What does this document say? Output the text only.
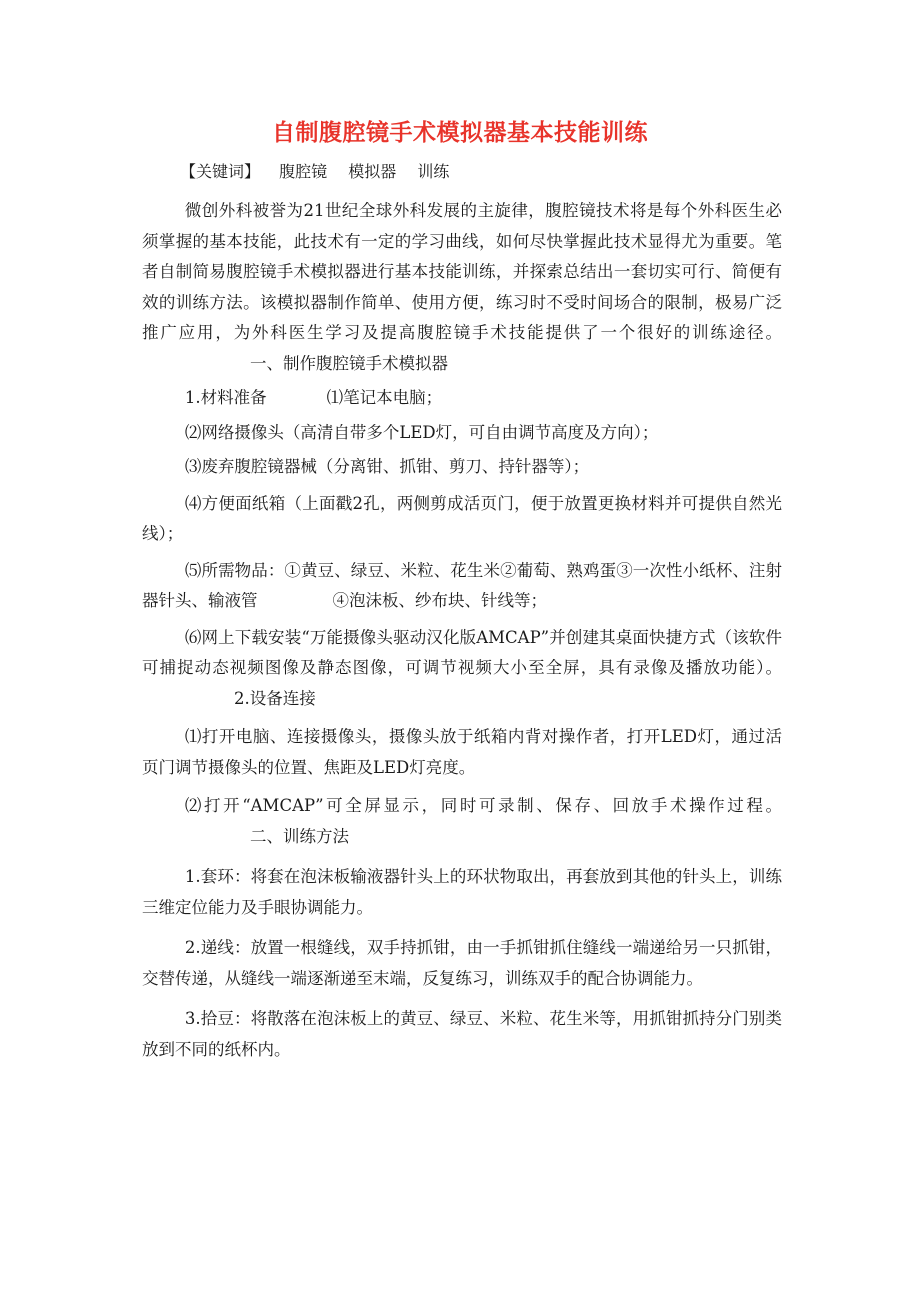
自制腹腔镜手术模拟器基本技能训练
【关键词】 腹腔镜 模拟器 训练

微创外科被誉为21世纪全球外科发展的主旋律，腹腔镜技术将是每个外科医生必须掌握的基本技能，此技术有一定的学习曲线，如何尽快掌握此技术显得尤为重要。笔者自制简易腹腔镜手术模拟器进行基本技能训练，并探索总结出一套切实可行、简便有效的训练方法。该模拟器制作简单、使用方便，练习时不受时间场合的限制，极易广泛推广应用，为外科医生学习及提高腹腔镜手术技能提供了一个很好的训练途径。一、制作腹腔镜手术模拟器

1.材料准备	⑴笔记本电脑；

⑵网络摄像头（高清自带多个LED灯，可自由调节高度及方向）；

⑶废弃腹腔镜器械（分离钳、抓钳、剪刀、持针器等）；

⑷方便面纸箱（上面戳2孔，两侧剪成活页门，便于放置更换材料并可提供自然光线）；

⑸所需物品：①黄豆、绿豆、米粒、花生米②葡萄、熟鸡蛋③一次性小纸杯、注射器针头、输液管	④泡沫板、纱布块、针线等；

⑹网上下载安装“万能摄像头驱动汉化版AMCAP”并创建其桌面快捷方式（该软件可捕捉动态视频图像及静态图像，可调节视频大小至全屏，具有录像及播放功能）。2.设备连接

⑴打开电脑、连接摄像头，摄像头放于纸箱内背对操作者，打开LED灯，通过活页门调节摄像头的位置、焦距及LED灯亮度。

⑵打开“AMCAP”可全屏显示，同时可录制、保存、回放手术操作过程。二、训练方法

1.套环：将套在泡沫板输液器针头上的环状物取出，再套放到其他的针头上，训练三维定位能力及手眼协调能力。

2.递线：放置一根缝线，双手持抓钳，由一手抓钳抓住缝线一端递给另一只抓钳，交替传递，从缝线一端逐渐递至末端，反复练习，训练双手的配合协调能力。

3.拾豆：将散落在泡沫板上的黄豆、绿豆、米粒、花生米等，用抓钳抓持分门别类放到不同的纸杯内。
